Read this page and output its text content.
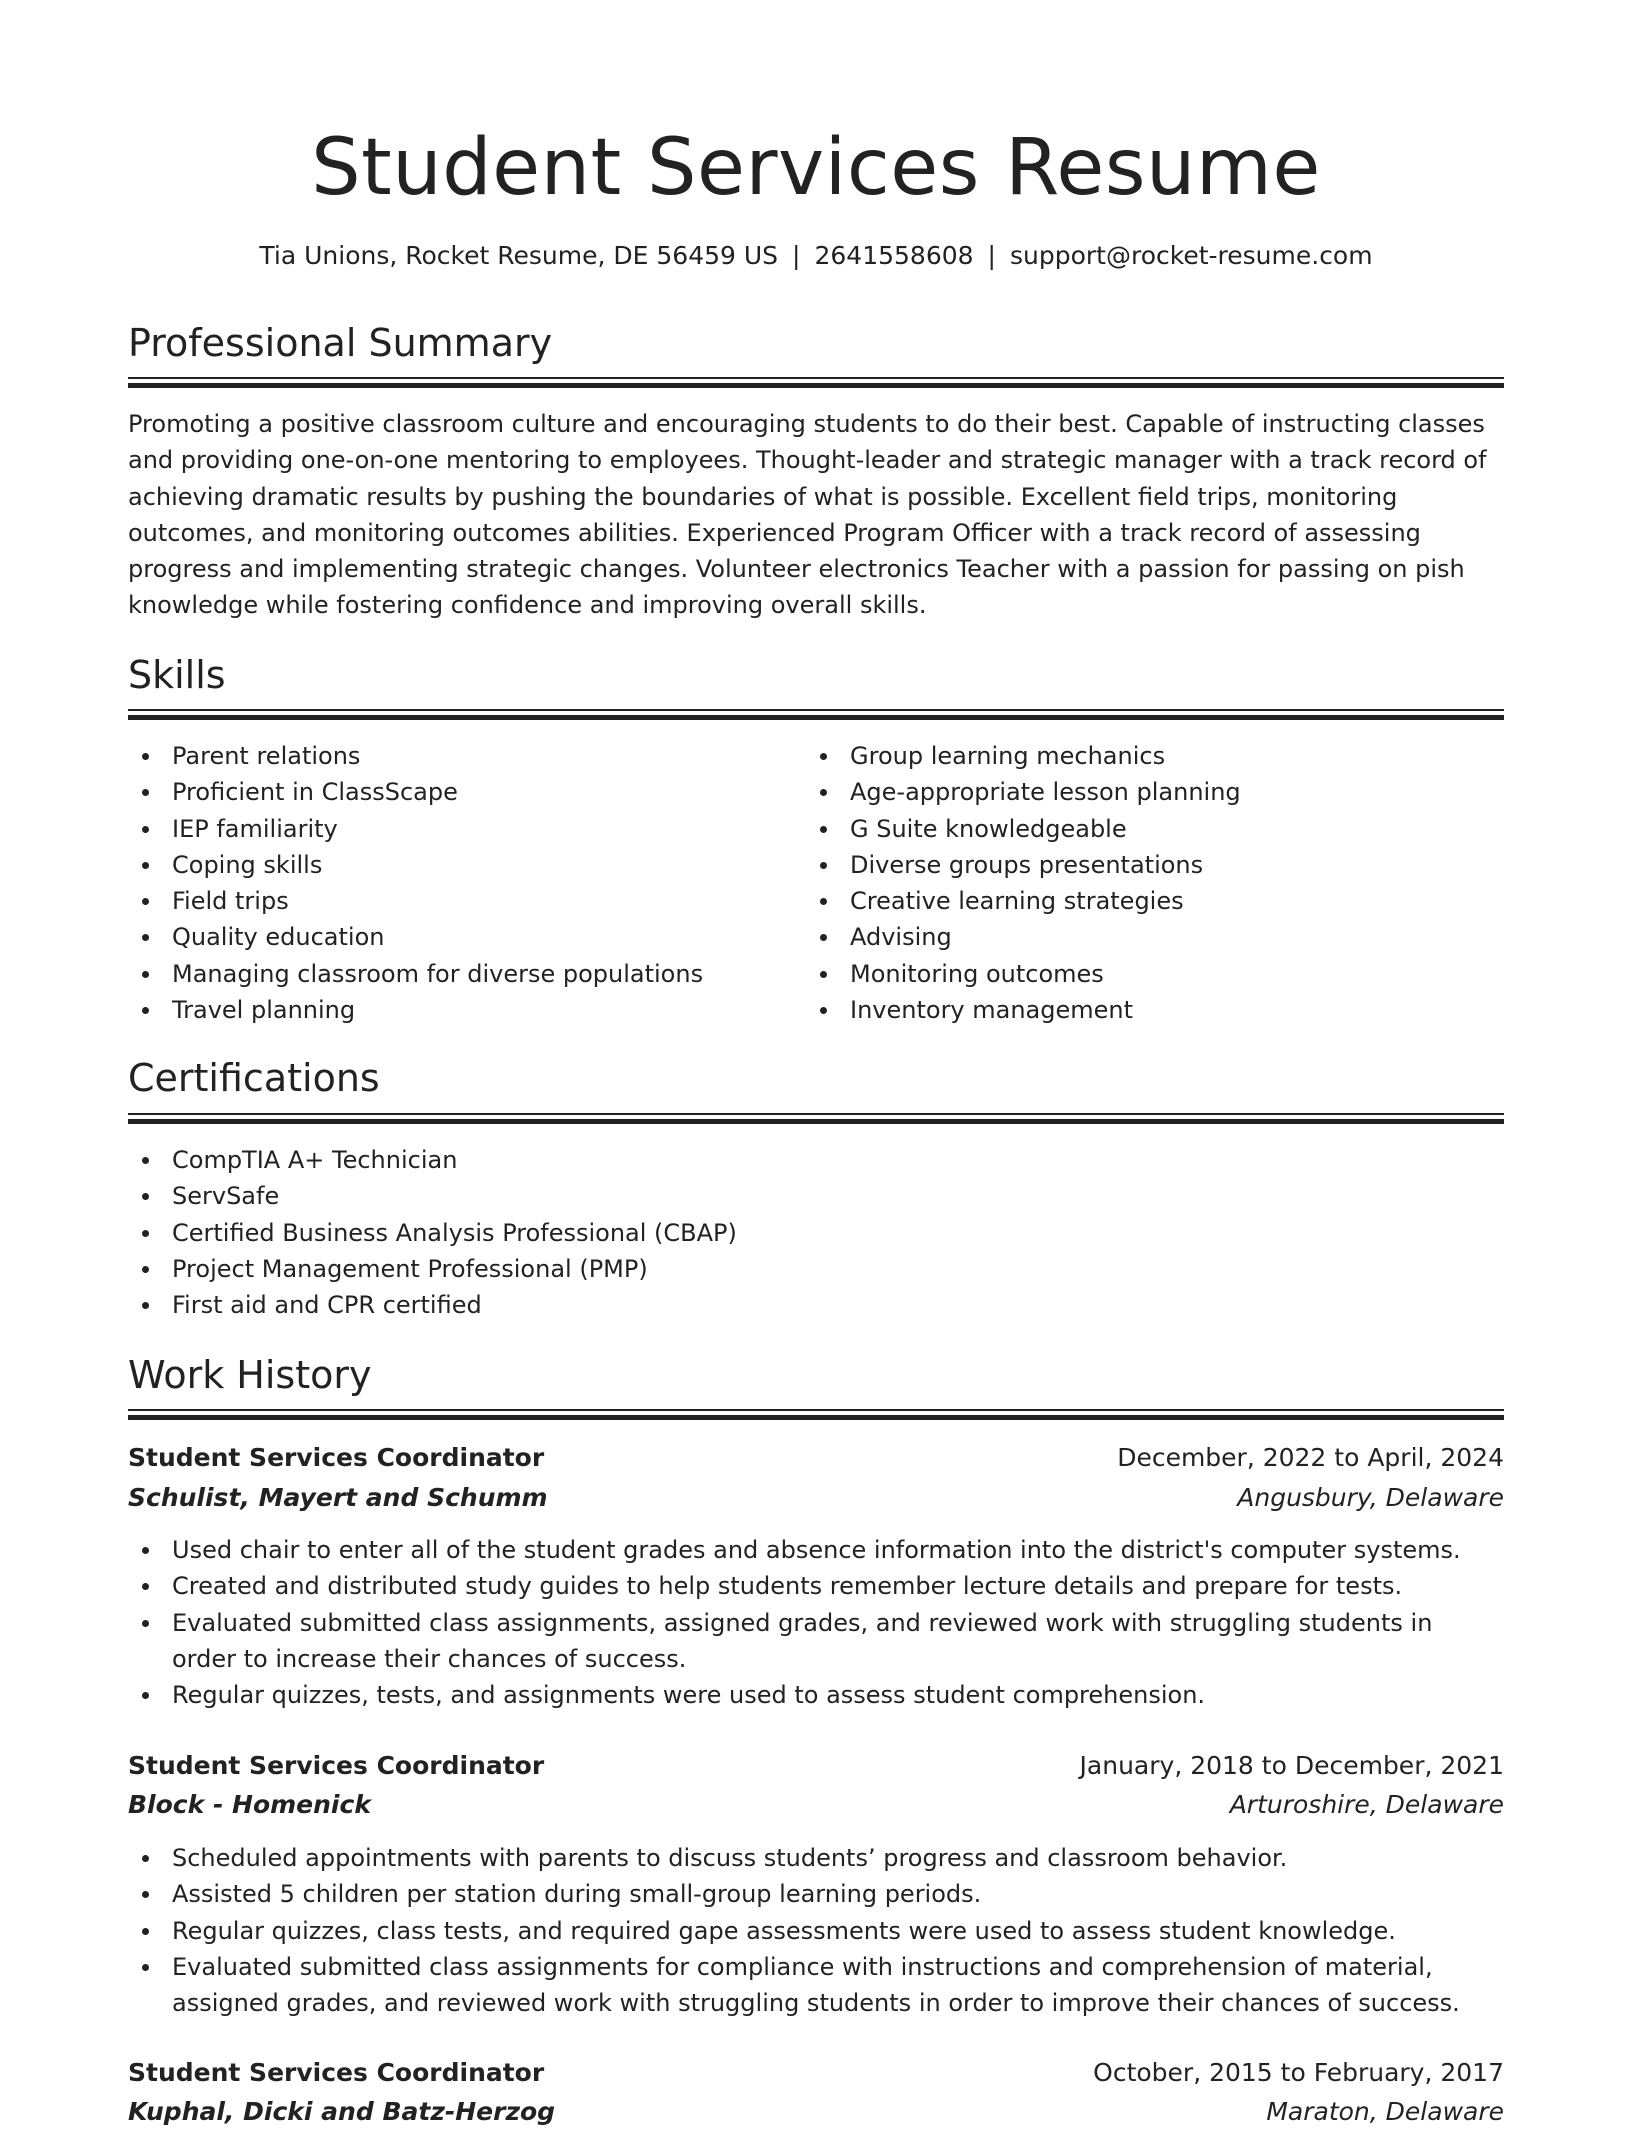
Student Services Resume
Tia Unions, Rocket Resume, DE 56459 US | 2641558608 | support@rocket-resume.com
Professional Summary

Promoting a positive classroom culture and encouraging students to do their best. Capable of instructing classes and providing one-on-one mentoring to employees. Thought-leader and strategic manager with a track record of achieving dramatic results by pushing the boundaries of what is possible. Excellent field trips, monitoring outcomes, and monitoring outcomes abilities. Experienced Program Officer with a track record of assessing progress and implementing strategic changes. Volunteer electronics Teacher with a passion for passing on pish knowledge while fostering confidence and improving overall skills.

Skills
Parent relations
Proficient in ClassScape
IEP familiarity
Coping skills
Field trips
Quality education
Managing classroom for diverse populations
Travel planning
Group learning mechanics
Age-appropriate lesson planning
G Suite knowledgeable
Diverse groups presentations
Creative learning strategies
Advising
Monitoring outcomes
Inventory management
Certifications
CompTIA A+ Technician
ServSafe
Certified Business Analysis Professional (CBAP)
Project Management Professional (PMP)
First aid and CPR certified
Work History
Student Services Coordinator	December, 2022 to April, 2024
Schulist, Mayert and Schumm	Angusbury, Delaware
Used chair to enter all of the student grades and absence information into the district's computer systems.
Created and distributed study guides to help students remember lecture details and prepare for tests.
Evaluated submitted class assignments, assigned grades, and reviewed work with struggling students in order to increase their chances of success.
Regular quizzes, tests, and assignments were used to assess student comprehension.
Student Services Coordinator	January, 2018 to December, 2021
Block - Homenick	Arturoshire, Delaware
Scheduled appointments with parents to discuss students’ progress and classroom behavior.
Assisted 5 children per station during small-group learning periods.
Regular quizzes, class tests, and required gape assessments were used to assess student knowledge.
Evaluated submitted class assignments for compliance with instructions and comprehension of material, assigned grades, and reviewed work with struggling students in order to improve their chances of success.
Student Services Coordinator	October, 2015 to February, 2017
Kuphal, Dicki and Batz-Herzog	Maraton, Delaware
